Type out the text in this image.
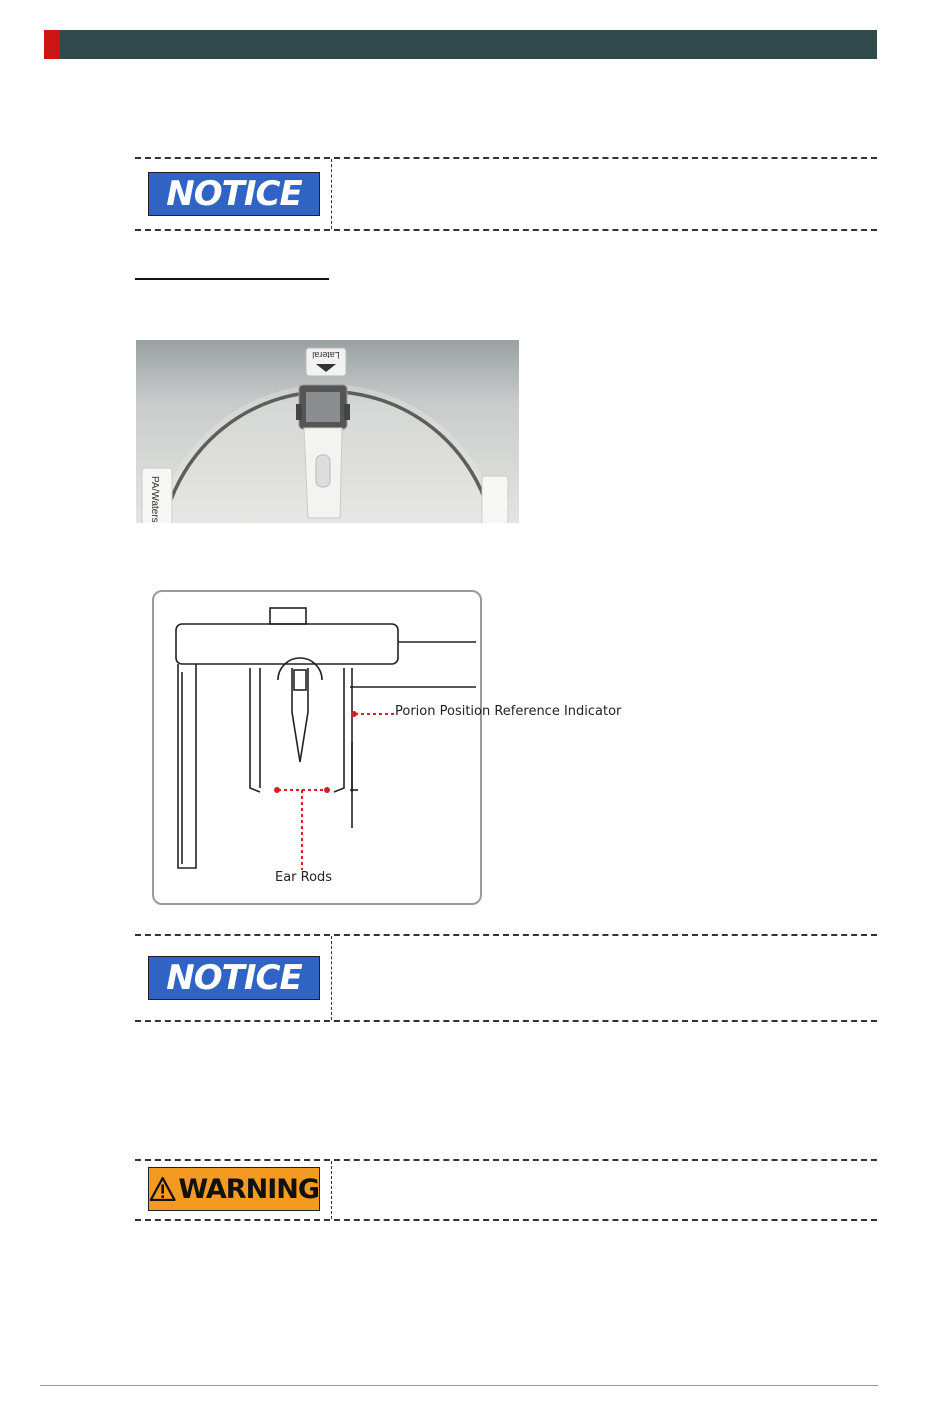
NOTICE
Lateral
PA/Waters
Porion Position Reference Indicator
Ear Rods
NOTICE
WARNING
